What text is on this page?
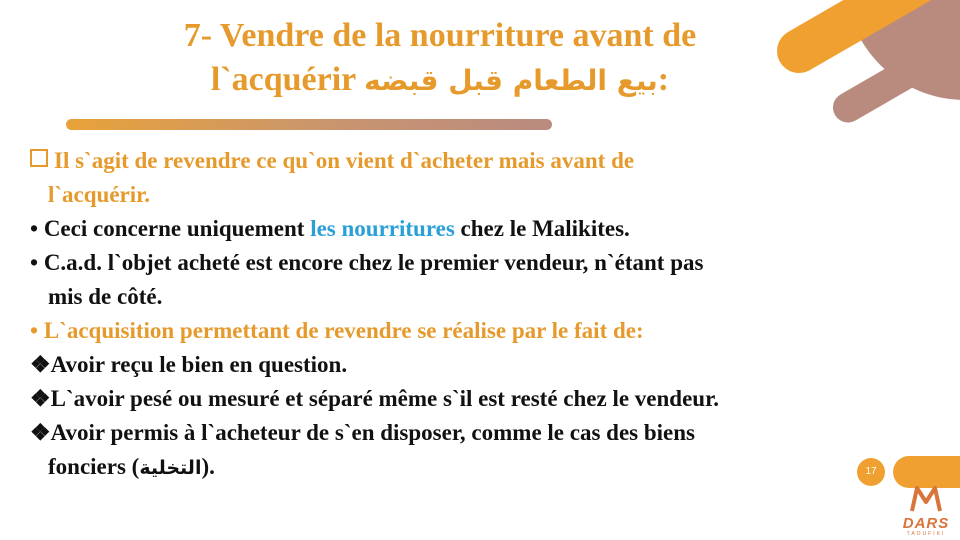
7- Vendre de la nourriture avant de
l`acquérir بيع الطعام قبل قبضه:
Il s`agit de revendre ce qu`on vient d`acheter mais avant de
l`acquérir.
• Ceci concerne uniquement les nourritures chez le Malikites.
• C.a.d. l`objet acheté est encore chez le premier vendeur, n`étant pas
mis de côté.
• L`acquisition permettant de revendre se réalise par le fait de:
❖Avoir reçu le bien en question.
❖L`avoir pesé ou mesuré et séparé même s`il est resté chez le vendeur.
❖Avoir permis à l`acheteur de s`en disposer, comme le cas des biens
fonciers (التخلية).	17
DARS
TAOUFIKI
